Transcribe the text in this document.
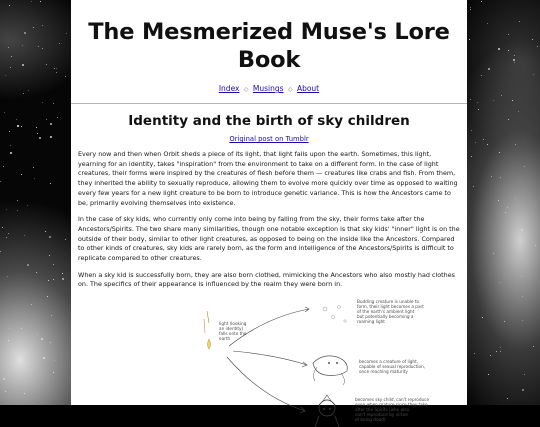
The Mesmerized Muse's Lore Book
Index ◇ Musings ◇ About
Identity and the birth of sky children
Original post on Tumblr

Every now and then when Orbit sheds a piece of its light, that light falls upon the earth. Sometimes, this light, yearning for an identity, takes "inspiration" from the environment to take on a different form. In the case of light creatures, their forms were inspired by the creatures of flesh before them — creatures like crabs and fish. From them, they inherited the ability to sexually reproduce, allowing them to evolve more quickly over time as opposed to waiting every few years for a new light creature to be born to introduce genetic variance. This is how the Ancestors came to be, primarily evolving themselves into existence.

In the case of sky kids, who currently only come into being by falling from the sky, their forms take after the Ancestors/Spirits. The two share many similarities, though one notable exception is that sky kids' "inner" light is on the outside of their body, similar to other light creatures, as opposed to being on the inside like the Ancestors. Compared to other kinds of creatures, sky kids are rarely born, as the form and intelligence of the Ancestors/Spirits is difficult to replicate compared to other creatures.

When a sky kid is successfully born, they are also born clothed, mimicking the Ancestors who also mostly had clothes on. The specifics of their appearance is influenced by the realm they were born in.

light (looking an identity) falls onto the earth
Budding creature is unable to form, their light becomes a part of the earth's ambient light but potentially becoming a roaming light
becomes a creature of light, capable of sexual reproduction, once reaching maturity
becomes sky child, can't reproduce even when mature since they take after the Spirits (who also can't reproduce by virtue of being dead)
